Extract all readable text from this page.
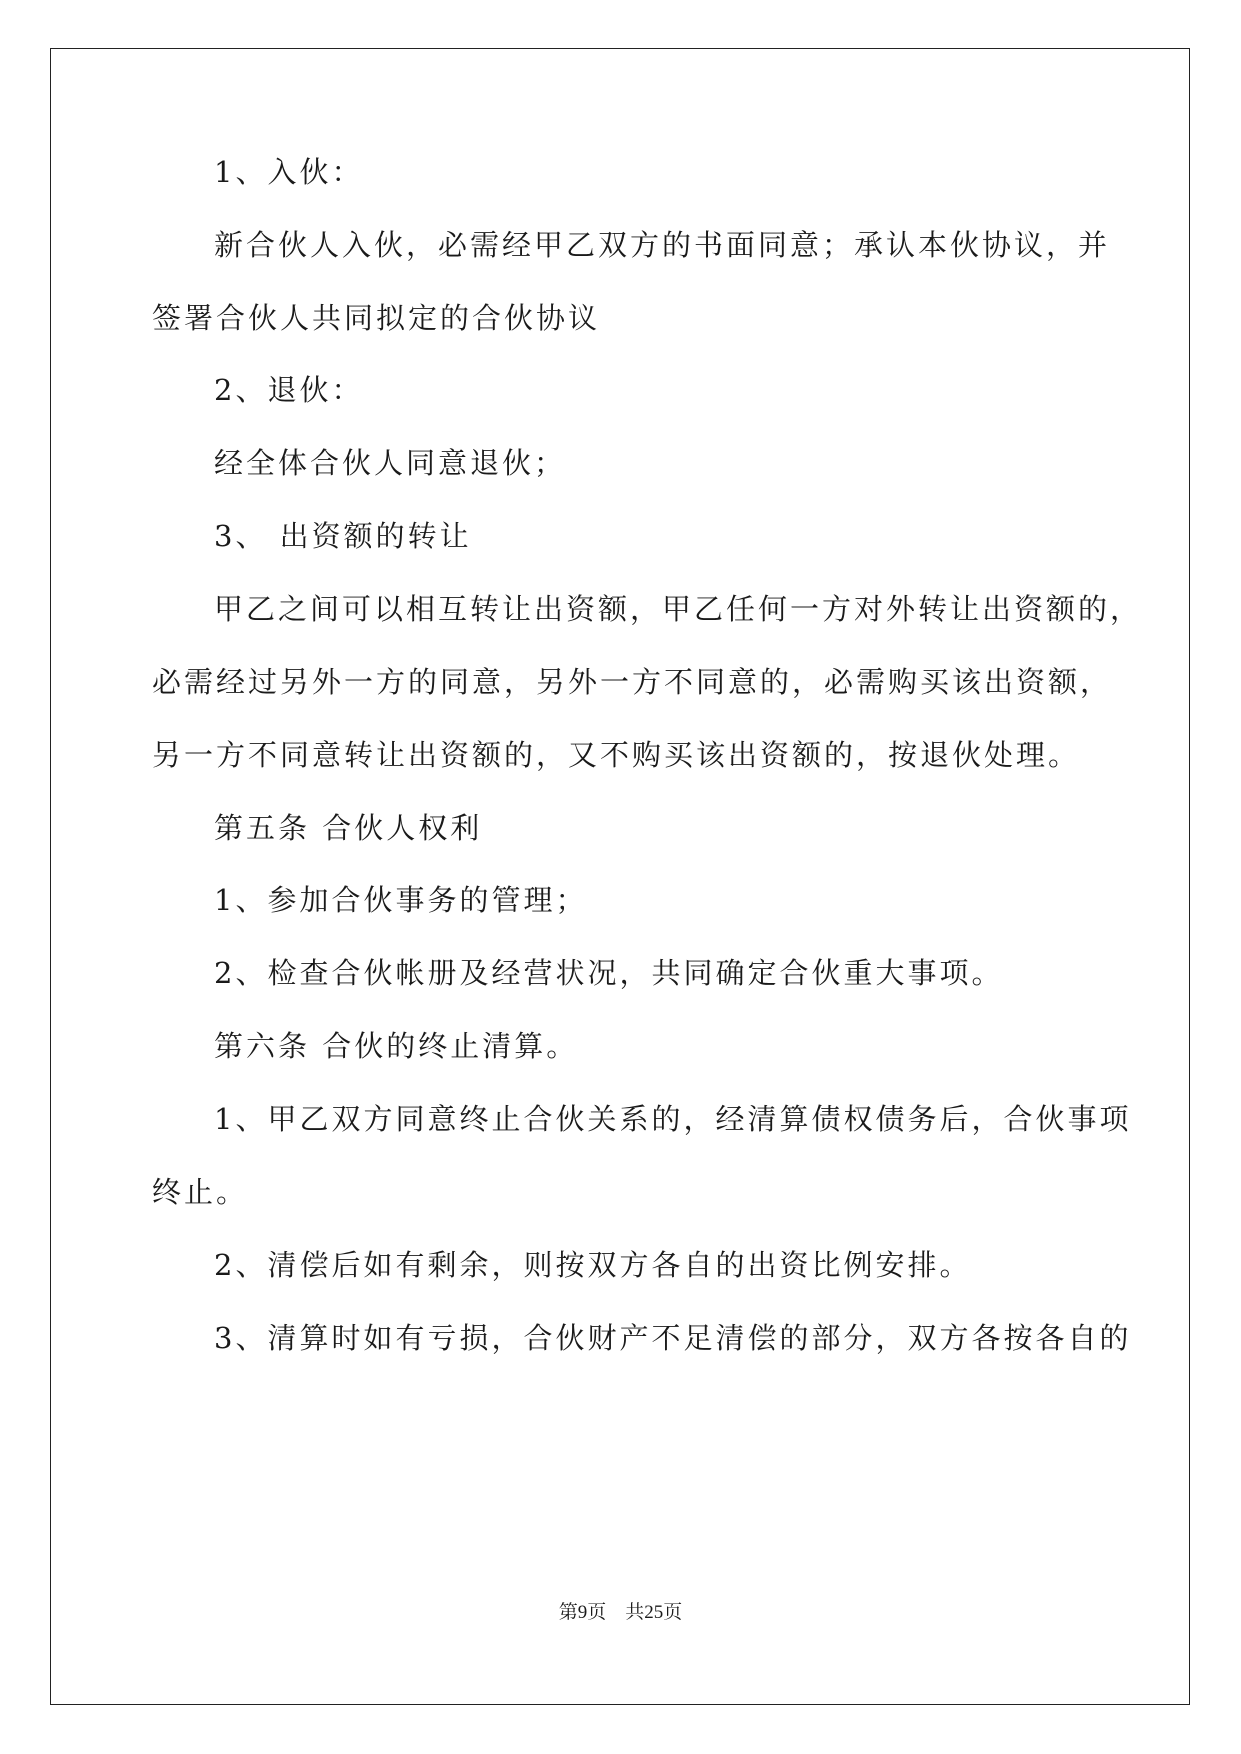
1、入伙：
新合伙人入伙，必需经甲乙双方的书面同意；承认本伙协议，并
签署合伙人共同拟定的合伙协议
2、退伙：
经全体合伙人同意退伙；
3、 出资额的转让
甲乙之间可以相互转让出资额，甲乙任何一方对外转让出资额的，
必需经过另外一方的同意，另外一方不同意的，必需购买该出资额，
另一方不同意转让出资额的，又不购买该出资额的，按退伙处理。
第五条 合伙人权利
1、参加合伙事务的管理；
2、检查合伙帐册及经营状况，共同确定合伙重大事项。
第六条 合伙的终止清算。
1、甲乙双方同意终止合伙关系的，经清算债权债务后，合伙事项
终止。
2、清偿后如有剩余，则按双方各自的出资比例安排。
3、清算时如有亏损，合伙财产不足清偿的部分，双方各按各自的
第9页　共25页
